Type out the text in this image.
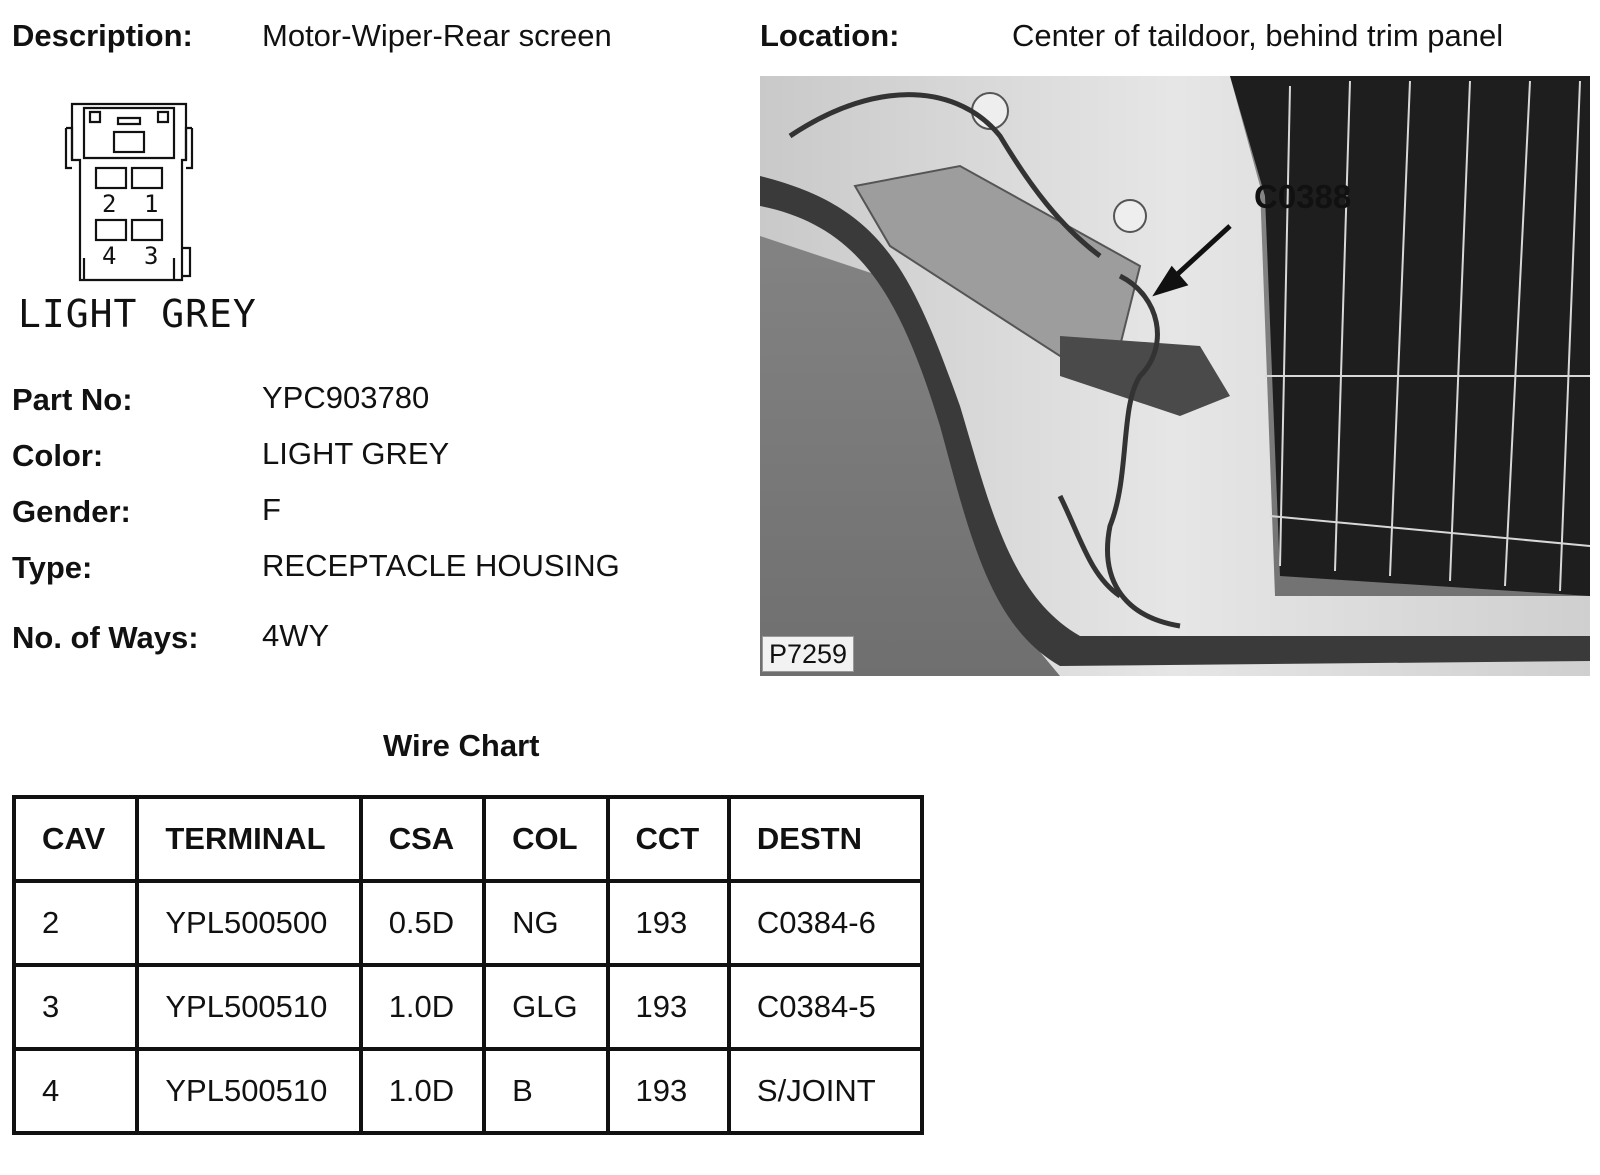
Description: Motor-Wiper-Rear screen	Location:	Center of taildoor, behind trim panel
2 1
4 3
LIGHT GREY
Part No:	YPC903780
Color:	LIGHT GREY
Gender:	F
Type:	RECEPTACLE HOUSING
No. of Ways: 4WY
C0388
P7259
Wire Chart
CAV	TERMINAL	CSA	COL	CCT	DESTN
2	YPL500500	0.5D	NG	193	C0384-6
3	YPL500510	1.0D	GLG	193	C0384-5
4	YPL500510	1.0D	B	193	S/JOINT
